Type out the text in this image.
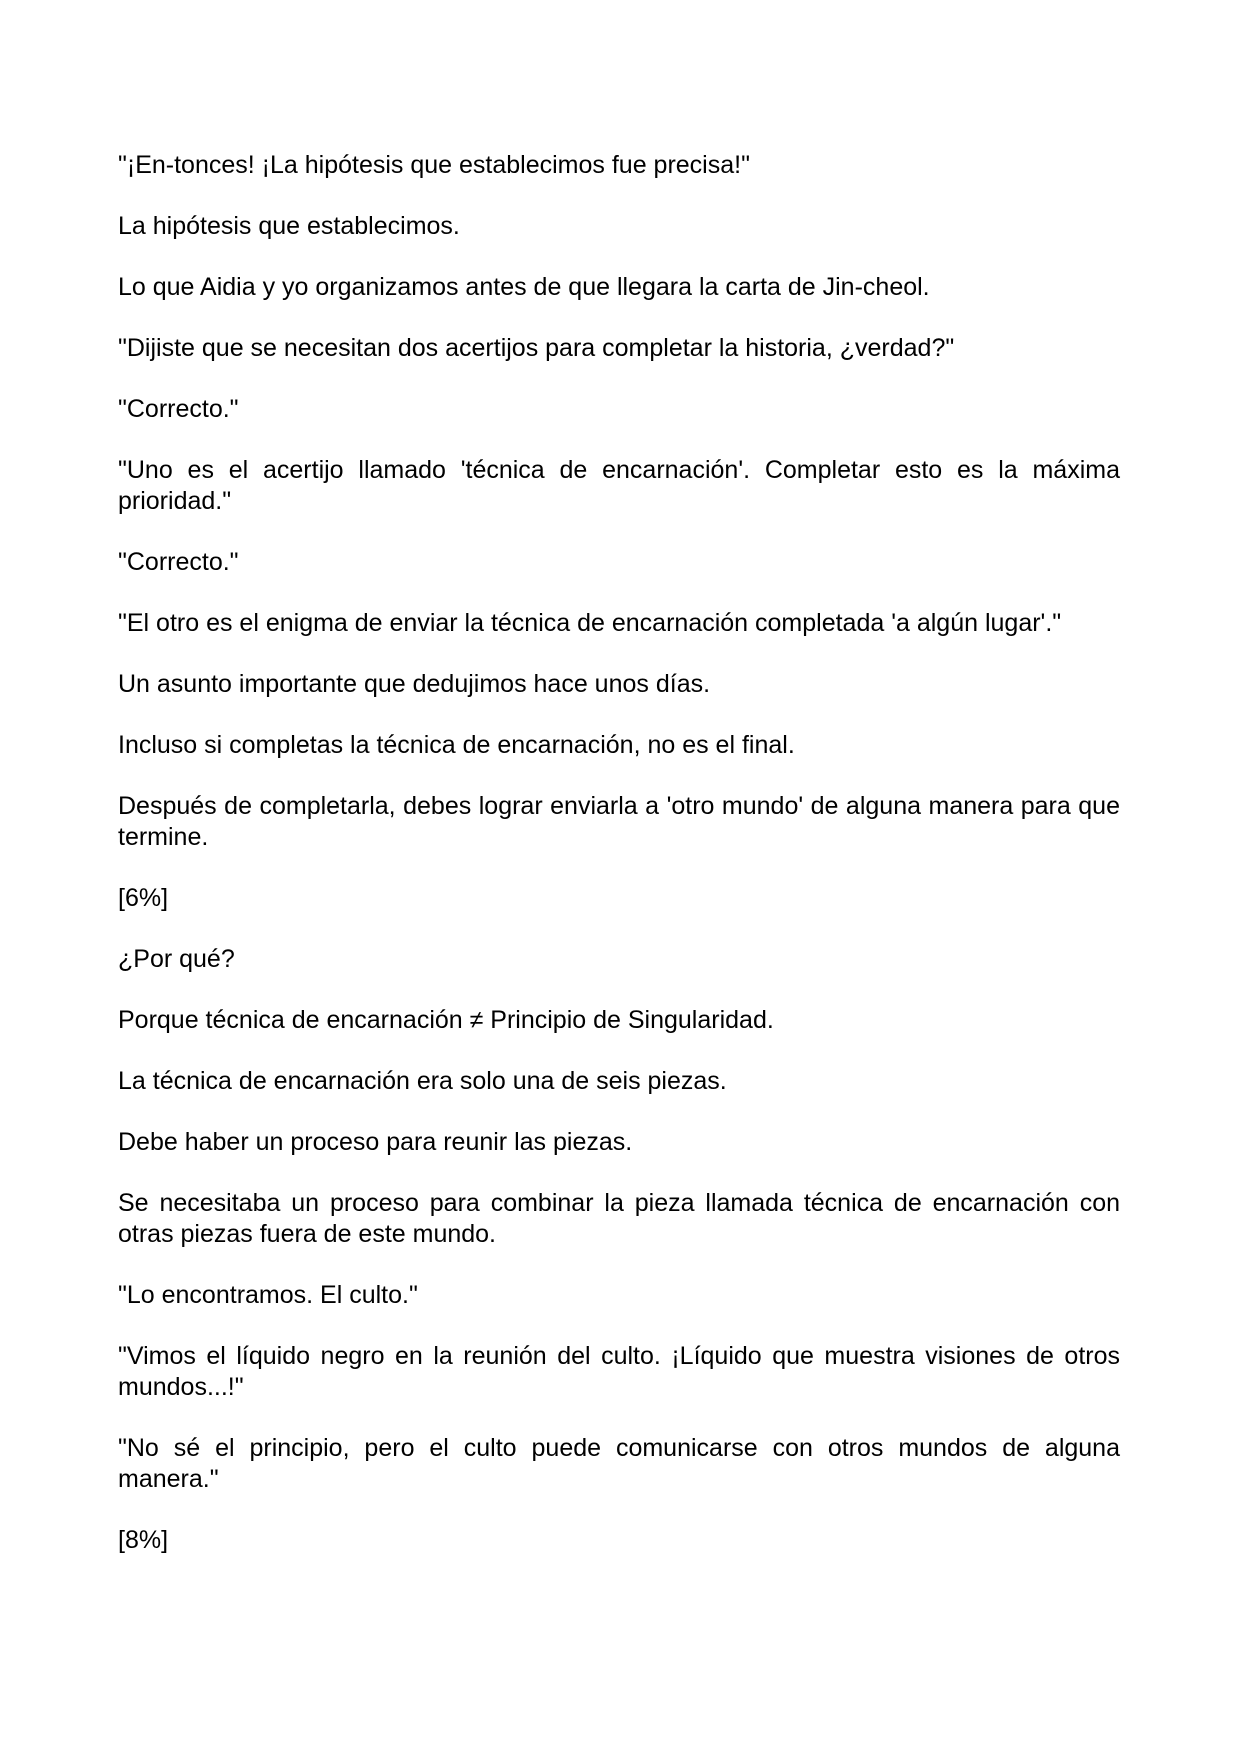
"¡En-tonces! ¡La hipótesis que establecimos fue precisa!"

La hipótesis que establecimos.

Lo que Aidia y yo organizamos antes de que llegara la carta de Jin-cheol.

"Dijiste que se necesitan dos acertijos para completar la historia, ¿verdad?"

"Correcto."

"Uno es el acertijo llamado 'técnica de encarnación'. Completar esto es la máxima prioridad."

"Correcto."

"El otro es el enigma de enviar la técnica de encarnación completada 'a algún lugar'."

Un asunto importante que dedujimos hace unos días.

Incluso si completas la técnica de encarnación, no es el final.

Después de completarla, debes lograr enviarla a 'otro mundo' de alguna manera para que termine.

[6%]

¿Por qué?

Porque técnica de encarnación ≠ Principio de Singularidad.

La técnica de encarnación era solo una de seis piezas.

Debe haber un proceso para reunir las piezas.

Se necesitaba un proceso para combinar la pieza llamada técnica de encarnación con otras piezas fuera de este mundo.

"Lo encontramos. El culto."

"Vimos el líquido negro en la reunión del culto. ¡Líquido que muestra visiones de otros mundos...!"

"No sé el principio, pero el culto puede comunicarse con otros mundos de alguna manera."

[8%]
